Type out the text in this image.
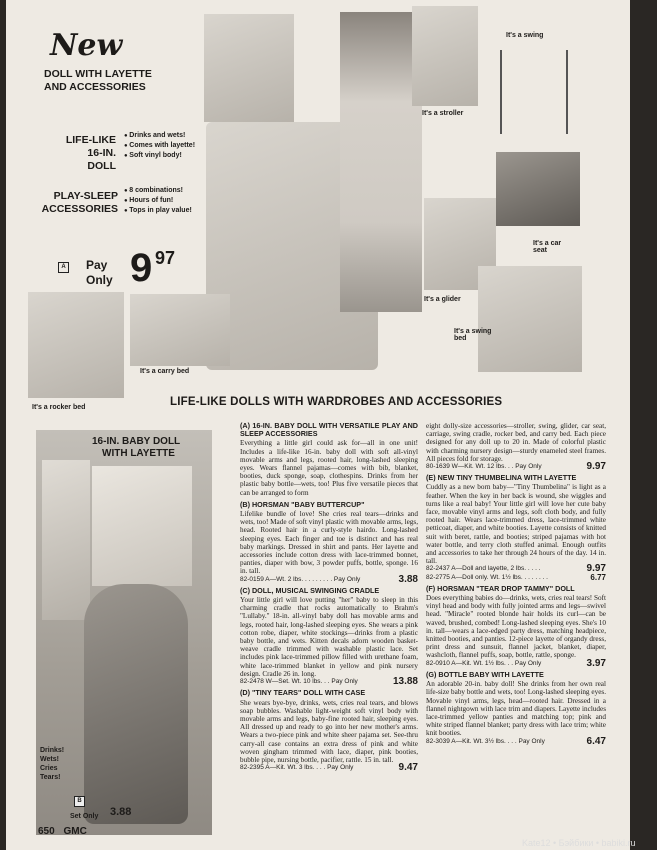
New
DOLL WITH LAYETTE
AND ACCESSORIES
LIFE-LIKE
16-IN. DOLL
● Drinks and wets!
● Comes with layette!
● Soft vinyl body!
PLAY-SLEEP
ACCESSORIES
● 8 combinations!
● Hours of fun!
● Tops in play value!
A Pay
Only 9 97
It's a stroller
It's a swing
It's a car seat
It's a glider
It's a swing bed
It's a carry bed
It's a rocker bed	LIFE-LIKE DOLLS WITH WARDROBES AND ACCESSORIES
16-IN. BABY DOLL
WITH LAYETTE
Drinks!
Wets!
Cries
Tears!
B
Set Only 3.88
(A) 16-IN. BABY DOLL WITH VERSATILE PLAY AND SLEEP ACCESSORIES

Everything a little girl could ask for—all in one unit! Includes a life-like 16-in. baby doll with soft all-vinyl movable arms and legs, rooted hair, long-lashed sleeping eyes. Wears flannel pajamas—comes with bib, blanket, booties, duck sponge, soap, clothespins. Drinks from her plastic baby bottle—wets, too! Plus five versatile pieces that can be arranged to form

(B) HORSMAN "BABY BUTTERCUP"

Lifelike bundle of love! She cries real tears—drinks and wets, too! Made of soft vinyl plastic with movable arms, legs, head. Rooted hair in a curly-style hairdo. Long-lashed sleeping eyes. Each finger and toe is distinct and has real baby markings. Dressed in shirt and pants. Her layette and accessories include cotton dress with lace-trimmed bonnet, panties, diaper with bow, 3 powder puffs, bottle, sponge. 16 in. tall.

82-0159 A—Wt. 2 lbs. . . . . . . . . Pay Only	3.88
(C) DOLL, MUSICAL SWINGING CRADLE

Your little girl will love putting "her" baby to sleep in this charming cradle that rocks automatically to Brahm's "Lullaby." 18-in. all-vinyl baby doll has movable arms and legs, rooted hair, long-lashed sleeping eyes. She wears a pink cotton robe, diaper, white stockings—drinks from a plastic baby bottle, and wets. Kitten decals adorn wooden basket-weave cradle trimmed with washable plastic lace. Set includes pink lace-trimmed pillow filled with urethane foam, white lace-trimmed blanket in yellow and pink nursery design. Cradle 26 in. long.

82-2478 W—Set. Wt. 10 lbs. . . Pay Only	13.88
(D) "TINY TEARS" DOLL WITH CASE

She wears bye-bye, drinks, wets, cries real tears, and blows soap bubbles. Washable light-weight soft vinyl body with movable arms and legs, baby-fine rooted hair, sleeping eyes. All dressed up and ready to go into her new mother's arms. Wears a two-piece pink and white sheer pajama set. See-thru carry-all case contains an extra dress of pink and white woven gingham trimmed with lace, diaper, pink booties, bubble pipe, nursing bottle, pacifier, rattle. 15 in. tall.

82-2395 A—Kit. Wt. 3 lbs. . . . Pay Only	9.47

eight dolly-size accessories—stroller, swing, glider, car seat, carriage, swing cradle, rocker bed, and carry bed. Each piece designed for any doll up to 20 in. Made of colorful plastic with charming nursery design—sturdy enameled steel frames. All pieces fold for storage.

80-1639 W—Kit. Wt. 12 lbs. . . Pay Only	9.97
(E) NEW TINY THUMBELINA WITH LAYETTE

Cuddly as a new born baby—"Tiny Thumbelina" is light as a feather. When the key in her back is wound, she wiggles and turns like a real baby! Your little girl will love her cute baby face, movable vinyl arms and legs, soft cloth body, and fully rooted hair. Wears lace-trimmed dress, lace-trimmed white petticoat, diaper, and white booties. Layette consists of knitted suit with beret, rattle, and booties; striped pajamas with hot water bottle, and terry cloth stuffed animal. Enough outfits and accessories to take her through 24 hours of the day. 14 in. tall.

82-2437 A—Doll and layette, 2 lbs. . . . .	9.97
82-2775 A—Doll only. Wt. 1½ lbs. . . . . . . .	6.77
(F) HORSMAN "TEAR DROP TAMMY" DOLL

Does everything babies do—drinks, wets, cries real tears! Soft vinyl head and body with fully jointed arms and legs—swivel head. "Miracle" rooted blonde hair holds its curl—can be waved, brushed, combed! Long-lashed sleeping eyes. She's 10 in. tall—wears a lace-edged party dress, matching headpiece, knitted booties, and panties. 12-piece layette of organdy dress, print dress and sunsuit, flannel jacket, blanket, diaper, washcloth, flannel puffs, soap, bottle, rattle, sponge.

82-0910 A—Kit. Wt. 1½ lbs. . . Pay Only	3.97
(G) BOTTLE BABY WITH LAYETTE

An adorable 20-in. baby doll! She drinks from her own real life-size baby bottle and wets, too! Long-lashed sleeping eyes. Movable vinyl arms, legs, head—rooted hair. Dressed in a flannel nightgown with lace trim and diapers. Layette includes lace-trimmed yellow panties and matching top; pink and white striped flannel blanket; party dress with lace trim; white knit booties.

82-3039 A—Kit. Wt. 3½ lbs. . . . Pay Only	6.47
650 GMC
Kate12 • Бэйбики • babiki.ru
